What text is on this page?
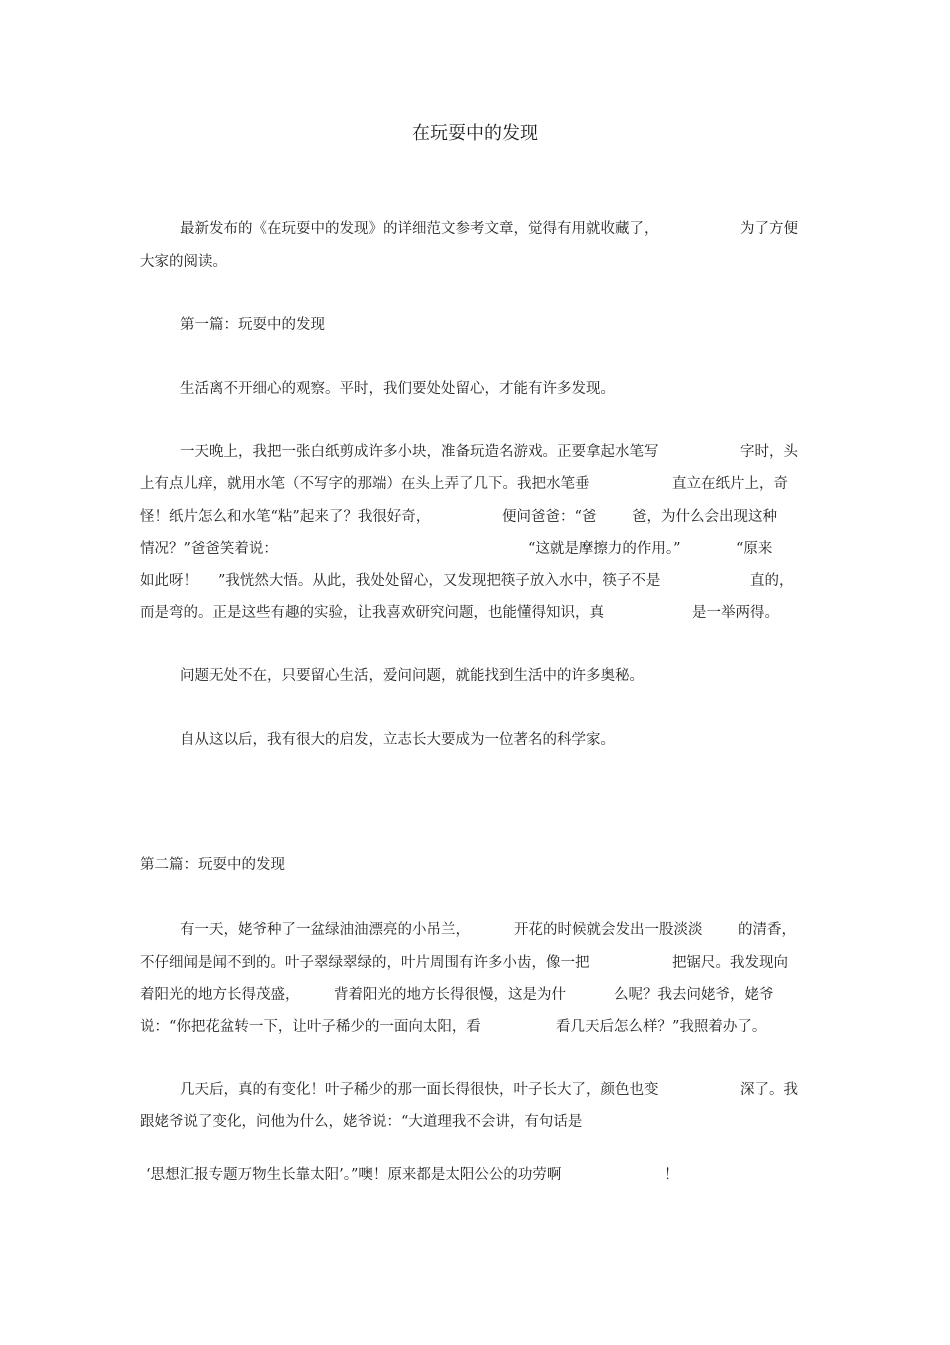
在玩耍中的发现
最新发布的《在玩耍中的发现》的详细范文参考文章，觉得有用就收藏了，	为了方便
大家的阅读。
第一篇：玩耍中的发现
生活离不开细心的观察。平时，我们要处处留心，才能有许多发现。
一天晚上，我把一张白纸剪成许多小块，准备玩造名游戏。正要拿起水笔写	字时，头
上有点儿痒，就用水笔（不写字的那端）在头上弄了几下。我把水笔垂	直立在纸片上，奇
怪！纸片怎么和水笔“粘”起来了？我很好奇，	便问爸爸：“爸 爸，为什么会出现这种
情况？”爸爸笑着说：	“这就是摩擦力的作用。”	“原来
如此呀！ ”我恍然大悟。从此，我处处留心，又发现把筷子放入水中，筷子不是	直的，
而是弯的。正是这些有趣的实验，让我喜欢研究问题，也能懂得知识，真	是一举两得。
问题无处不在，只要留心生活，爱问问题，就能找到生活中的许多奥秘。
自从这以后，我有很大的启发，立志长大要成为一位著名的科学家。
第二篇：玩耍中的发现
有一天，姥爷种了一盆绿油油漂亮的小吊兰，	开花的时候就会发出一股淡淡 的清香，
不仔细闻是闻不到的。叶子翠绿翠绿的，叶片周围有许多小齿，像一把	把锯尺。我发现向
着阳光的地方长得茂盛， 背着阳光的地方长得很慢，这是为什	么呢？我去问姥爷，姥爷
说：“你把花盆转一下，让叶子稀少的一面向太阳，看	看几天后怎么样？”我照着办了。
几天后，真的有变化！叶子稀少的那一面长得很快，叶子长大了，颜色也变	深了。我
跟姥爷说了变化，问他为什么，姥爷说：“大道理我不会讲，有句话是
‘思想汇报专题万物生长靠太阳’。”噢！原来都是太阳公公的功劳啊	！
